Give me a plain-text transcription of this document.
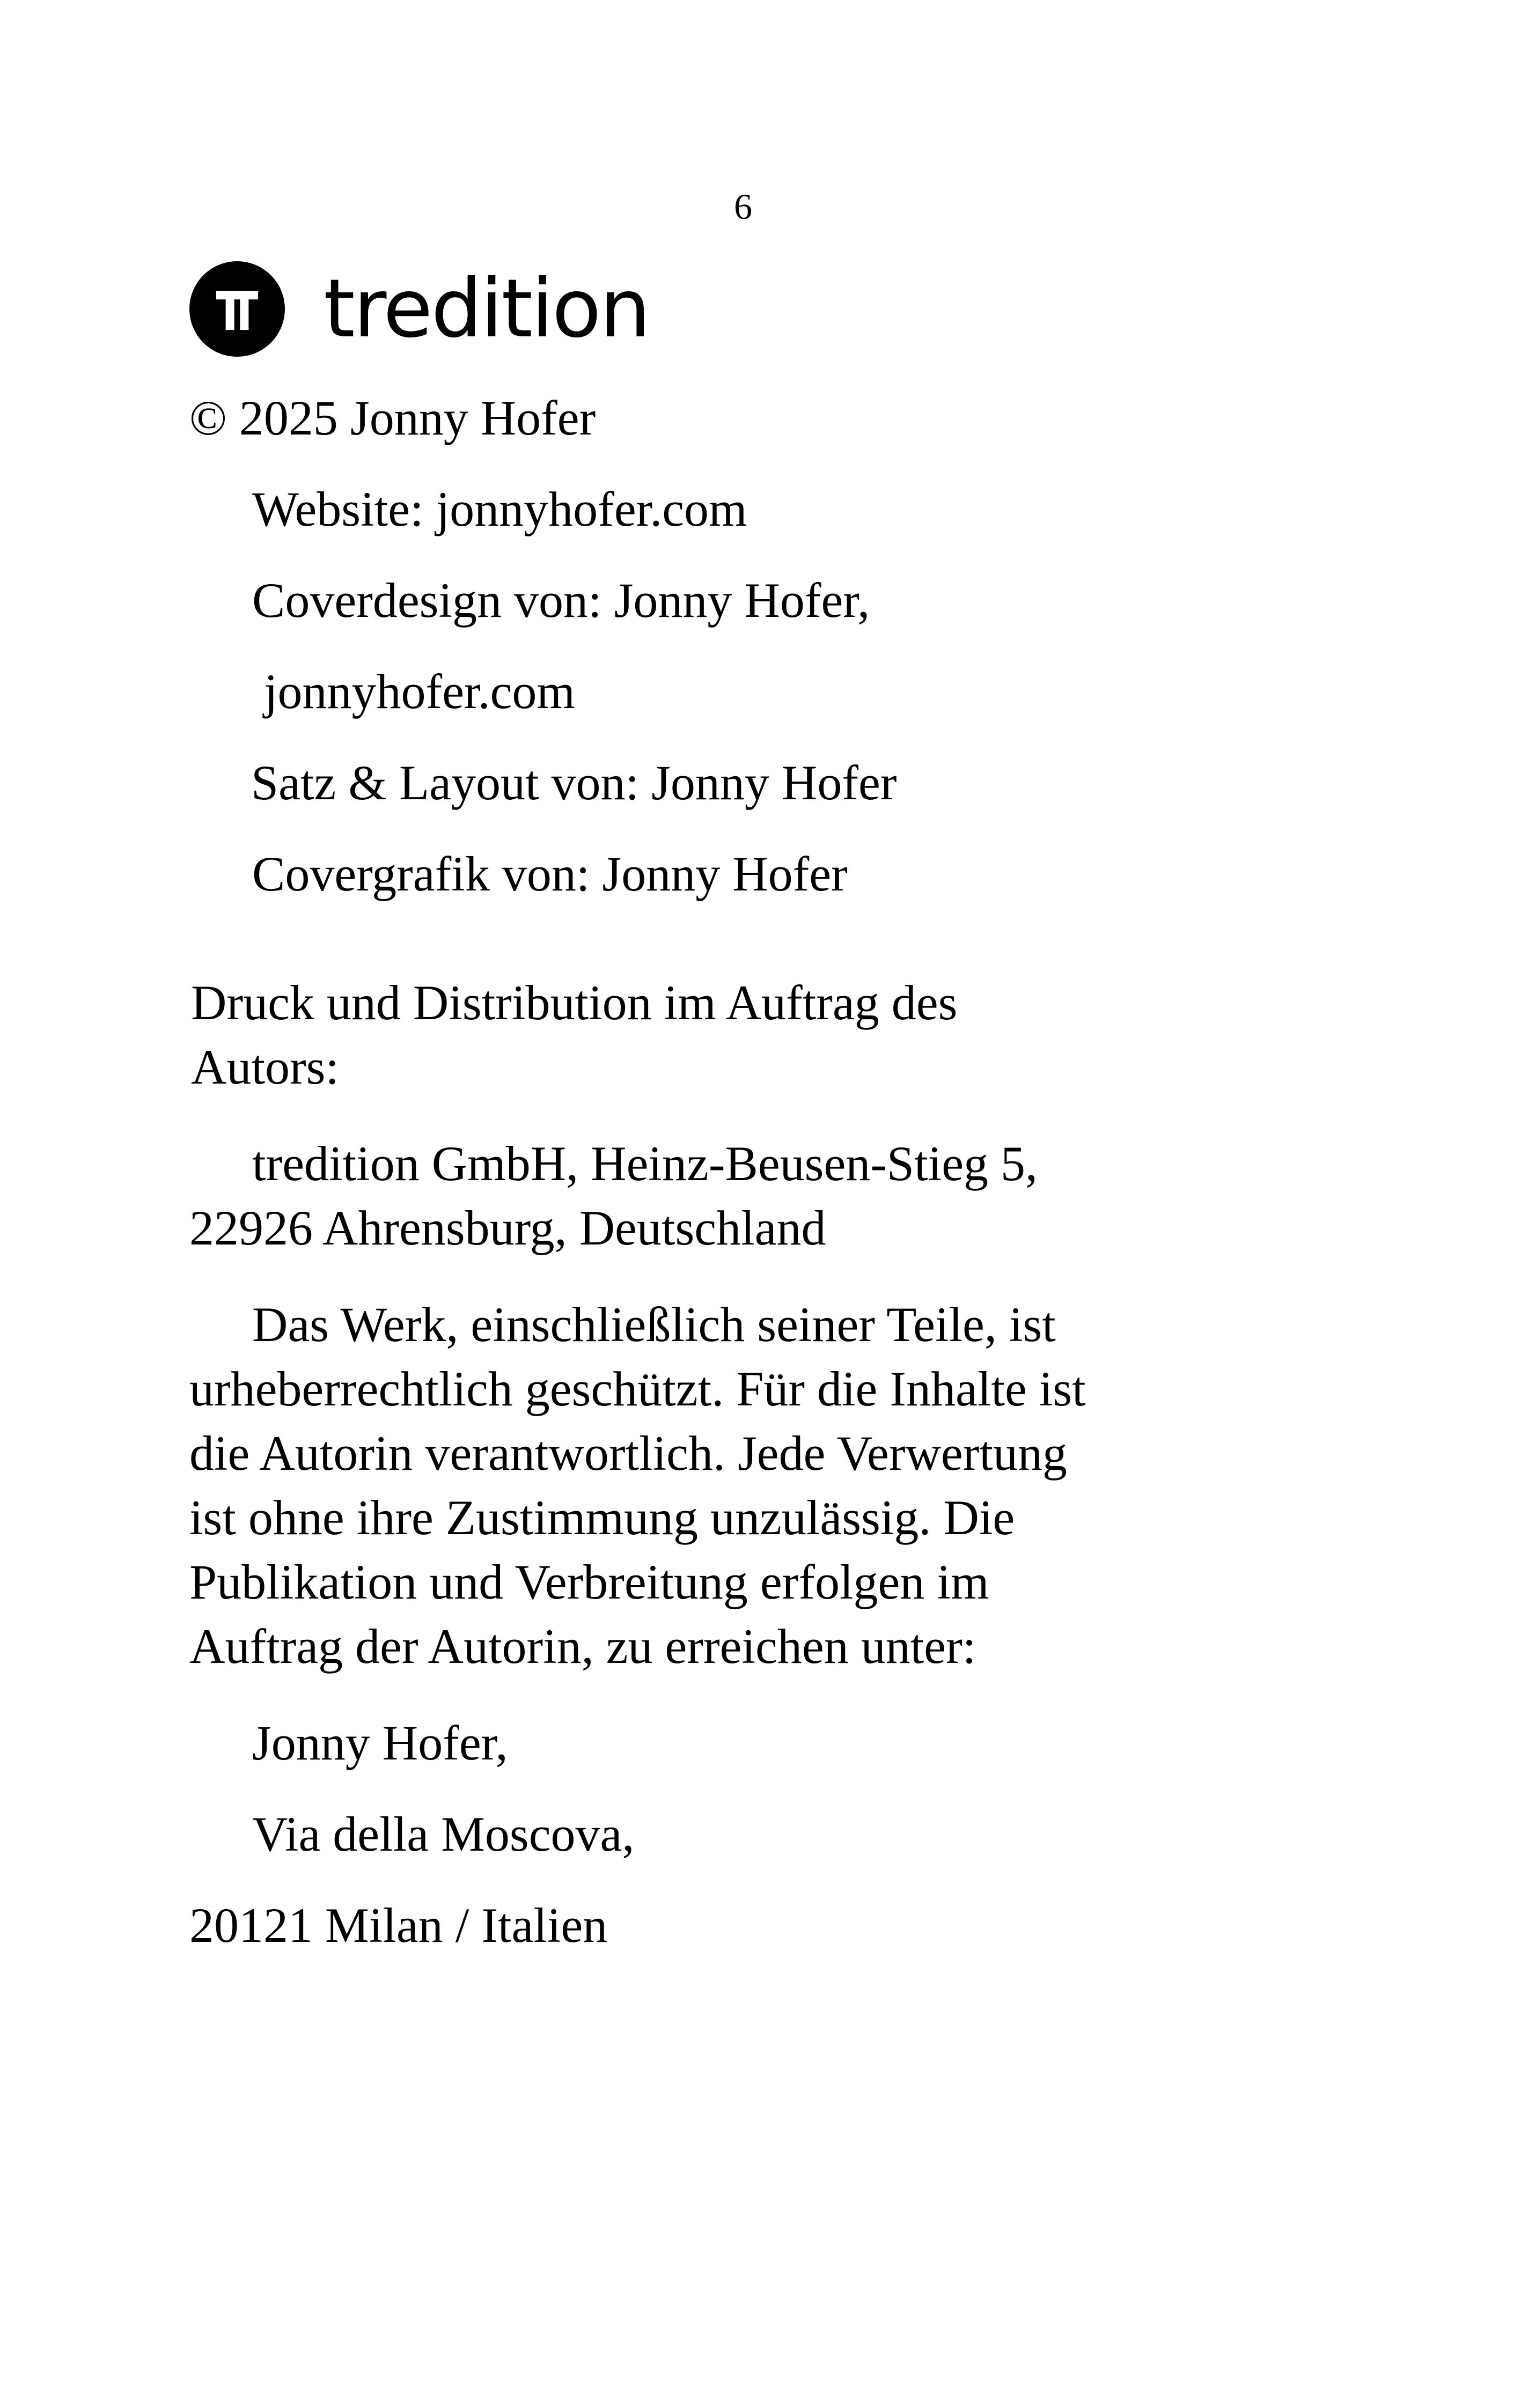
6
tredition
© 2025 Jonny Hofer
Website: jonnyhofer.com
Coverdesign von: Jonny Hofer,
jonnyhofer.com
Satz & Layout von: Jonny Hofer
Covergrafik von: Jonny Hofer
Druck und Distribution im Auftrag des
Autors:
tredition GmbH, Heinz-Beusen-Stieg 5,
22926 Ahrensburg, Deutschland
Das Werk, einschließlich seiner Teile, ist
urheberrechtlich geschützt. Für die Inhalte ist
die Autorin verantwortlich. Jede Verwertung
ist ohne ihre Zustimmung unzulässig. Die
Publikation und Verbreitung erfolgen im
Auftrag der Autorin, zu erreichen unter:
Jonny Hofer,
Via della Moscova,
20121 Milan / Italien
